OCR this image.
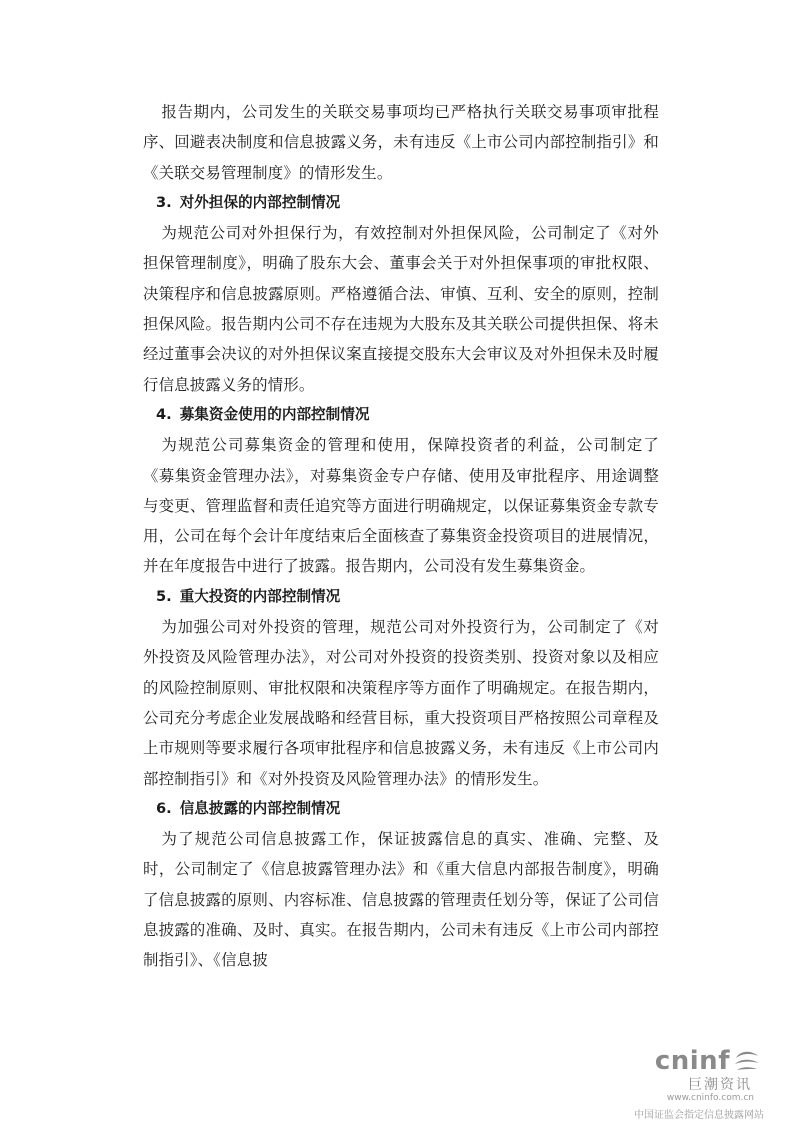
报告期内，公司发生的关联交易事项均已严格执行关联交易事项审批程序、回避表决制度和信息披露义务，未有违反《上市公司内部控制指引》和《关联交易管理制度》的情形发生。

3. 对外担保的内部控制情况

为规范公司对外担保行为，有效控制对外担保风险，公司制定了《对外担保管理制度》，明确了股东大会、董事会关于对外担保事项的审批权限、决策程序和信息披露原则。严格遵循合法、审慎、互利、安全的原则，控制担保风险。报告期内公司不存在违规为大股东及其关联公司提供担保、将未经过董事会决议的对外担保议案直接提交股东大会审议及对外担保未及时履行信息披露义务的情形。

4. 募集资金使用的内部控制情况

为规范公司募集资金的管理和使用，保障投资者的利益，公司制定了《募集资金管理办法》，对募集资金专户存储、使用及审批程序、用途调整与变更、管理监督和责任追究等方面进行明确规定，以保证募集资金专款专用，公司在每个会计年度结束后全面核查了募集资金投资项目的进展情况，并在年度报告中进行了披露。报告期内，公司没有发生募集资金。

5. 重大投资的内部控制情况

为加强公司对外投资的管理，规范公司对外投资行为，公司制定了《对外投资及风险管理办法》，对公司对外投资的投资类别、投资对象以及相应的风险控制原则、审批权限和决策程序等方面作了明确规定。在报告期内，公司充分考虑企业发展战略和经营目标，重大投资项目严格按照公司章程及上市规则等要求履行各项审批程序和信息披露义务，未有违反《上市公司内部控制指引》和《对外投资及风险管理办法》的情形发生。

6. 信息披露的内部控制情况

为了规范公司信息披露工作，保证披露信息的真实、准确、完整、及时，公司制定了《信息披露管理办法》和《重大信息内部报告制度》，明确了信息披露的原则、内容标准、信息披露的管理责任划分等，保证了公司信息披露的准确、及时、真实。在报告期内，公司未有违反《上市公司内部控制指引》、《信息披

cninf
巨潮资讯
www.cninfo.com.cn
中国证监会指定信息披露网站
